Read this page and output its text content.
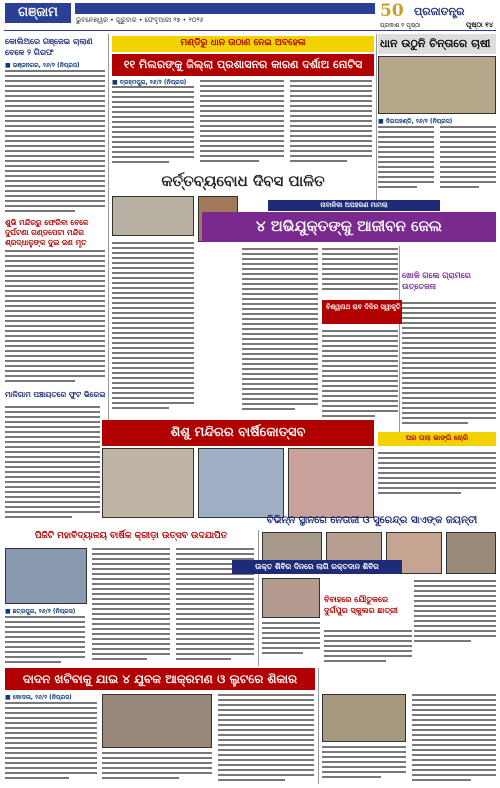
ଗଞ୍ଜାମ	ଭୁବନେଶ୍ୱର • ଗୁରୁବାର • ଫେବୃଆରୀ ୨୭ • ୨୦୨୫	50 ପ୍ରଜାତନ୍ତ୍ର
ପ୍ରକାଶ ୧ ପୃଷ୍ଠା	ପୃଷ୍ଠା ୧୪
କୋଲିଅରେ ଗଞ୍ଜେଇ ଚାଲାଣ ବେଳେ ୨ ଗିରଫ
■ ଭଞ୍ଜନଗର, ୨୬/୨ (ନିପ୍ରସ)
ଶୁଭି ମନ୍ଦିରରୁ ଫେରିବା ବେଳେ ଦୁର୍ଘଟଣା ଗଣ୍ଡପେଟା ମନ୍ଦିର ଶ୍ରଦ୍ଧାଳୁଙ୍କ ଦୁଇ ଜଣ ମୃତ
ମାଳିଗାମ ପଞ୍ଚାୟତରେ ଫୁଟ ଭିରେଇ
ମଣ୍ଡିରୁ ଧାନ ଉଠାଣ ନେଇ ଅବହେଳା
୧୧ ମିଲରଙ୍କୁ ଜିଲ୍ଲା ପ୍ରଶାସନର କାରଣ ଦର୍ଶାଅ ନୋଟିସ
■ ବ୍ରହ୍ମପୁର, ୨୬/୨ (ନିପ୍ରସ)
କର୍ତ୍ତବ୍ୟବୋଧ ଦିବସ ପାଳିତ
ଧାନ ଉଠୁନି ଚିନ୍ତାରେ ଚାଷୀ
■ ଦିଗପହଣ୍ଡି, ୨୬/୨ (ନିପ୍ରସ)
ନାବାଳିକା ଅପହରଣ ମାମଲା
୪ ଅଭିଯୁକ୍ତଙ୍କୁ ଆଜୀବନ ଜେଲ
ବିଶ୍ୱନାଥ ରାବ ଦିଦିର ସ୍ୱୀକୃତି
ଖୋଳି ଗଲେ ଗ୍ରାମରେ ଉତ୍ତେଜନା
ଶିଶୁ ମନ୍ଦିରର ବାର୍ଷିକୋତ୍ସବ	ଘର ତାଲା ଭାଙ୍ଗି ଚୋରି
ବିଭିନ୍ନ ସ୍ଥାନରେ ନେତାଜୀ ଓ ସୁରେନ୍ଦ୍ର ସାଏଙ୍କ ଜୟନ୍ତୀ
ପିଜିଟି ମହାବିଦ୍ୟାଳୟ ବାର୍ଷିକ କ୍ରୀଡ଼ା ଉତ୍ସବ ଉଦଯାପିତ
■ ଛତ୍ରପୁର, ୨୬/୨ (ନିପ୍ରସ)
ଉକ୍ତ ଶିବିର ଦିନରେ ଲାଗି ରକ୍ତଦାନ ଶିବିର
ବିବାହରେ ଯୌତୁକରେ ଦୁର୍ଗପୁର ସ୍କୁଲର ଛାତ୍ରୀ
ଦାଦନ ଖଟିବାକୁ ଯାଇ ୪ ଯୁବକ ଆକ୍ରମଣ ଓ ଲୁଟରେ ଶିକାର
■ କୋଦଳା, ୨୬/୨ (ନିପ୍ରସ)
